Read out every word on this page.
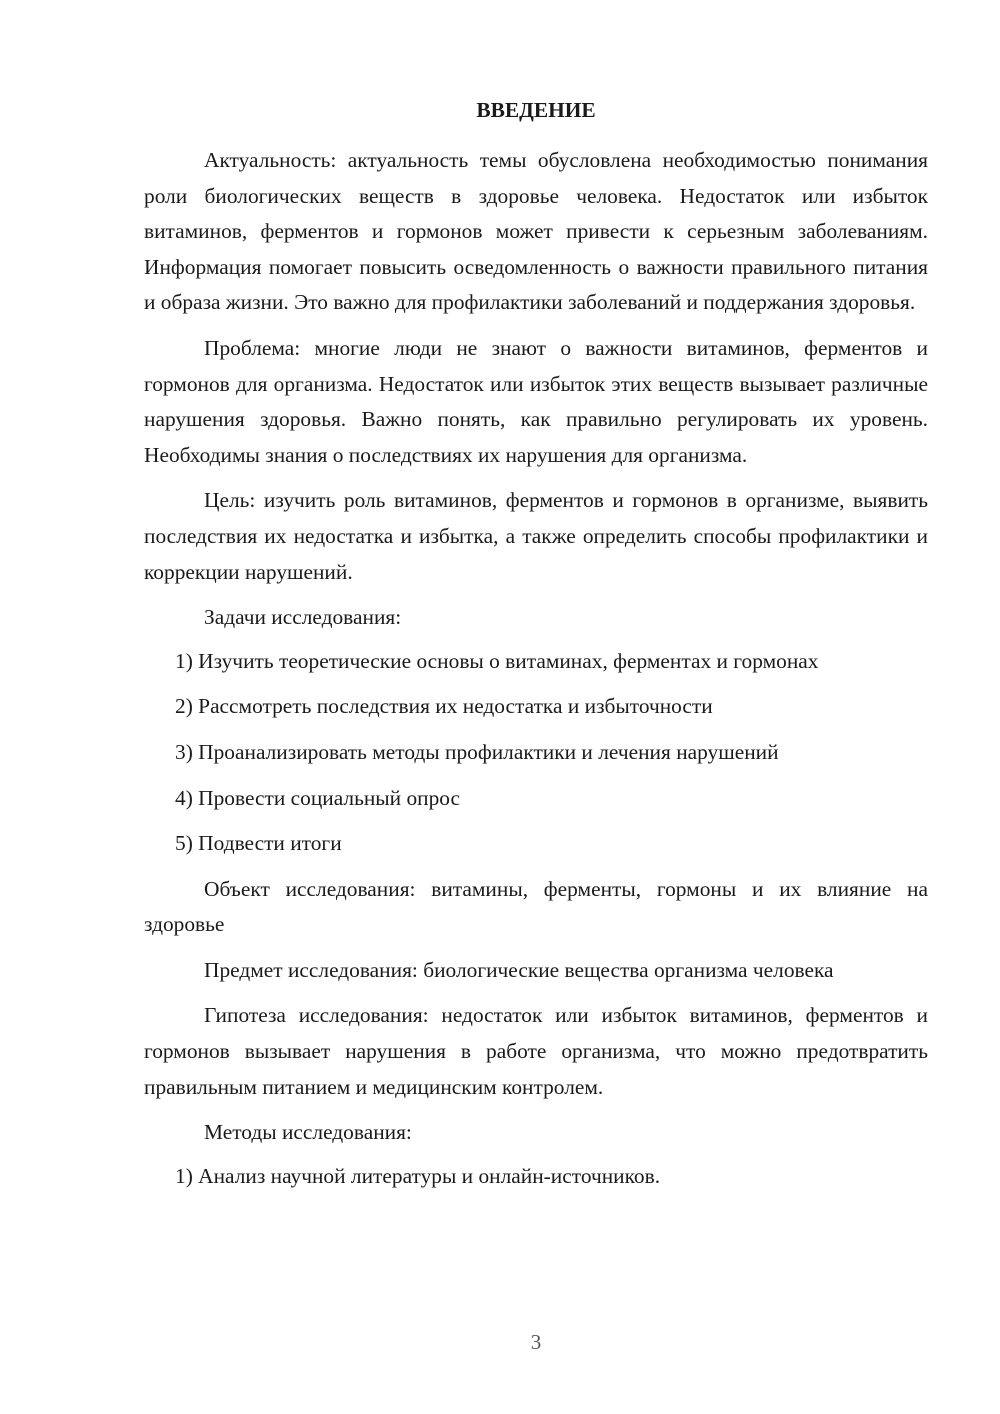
ВВЕДЕНИЕ

Актуальность: актуальность темы обусловлена необходимостью понимания роли биологических веществ в здоровье человека. Недостаток или избыток витаминов, ферментов и гормонов может привести к серьезным заболеваниям. Информация помогает повысить осведомленность о важности правильного питания и образа жизни. Это важно для профилактики заболеваний и поддержания здоровья.

Проблема: многие люди не знают о важности витаминов, ферментов и гормонов для организма. Недостаток или избыток этих веществ вызывает различные нарушения здоровья. Важно понять, как правильно регулировать их уровень. Необходимы знания о последствиях их нарушения для организма.

Цель: изучить роль витаминов, ферментов и гормонов в организме, выявить последствия их недостатка и избытка, а также определить способы профилактики и коррекции нарушений.

Задачи исследования:

1) Изучить теоретические основы о витаминах, ферментах и гормонах
2) Рассмотреть последствия их недостатка и избыточности
3) Проанализировать методы профилактики и лечения нарушений
4) Провести социальный опрос
5) Подвести итоги

Объект исследования: витамины, ферменты, гормоны и их влияние на здоровье

Предмет исследования: биологические вещества организма человека

Гипотеза исследования: недостаток или избыток витаминов, ферментов и гормонов вызывает нарушения в работе организма, что можно предотвратить правильным питанием и медицинским контролем.

Методы исследования:

1) Анализ научной литературы и онлайн-источников.
3
